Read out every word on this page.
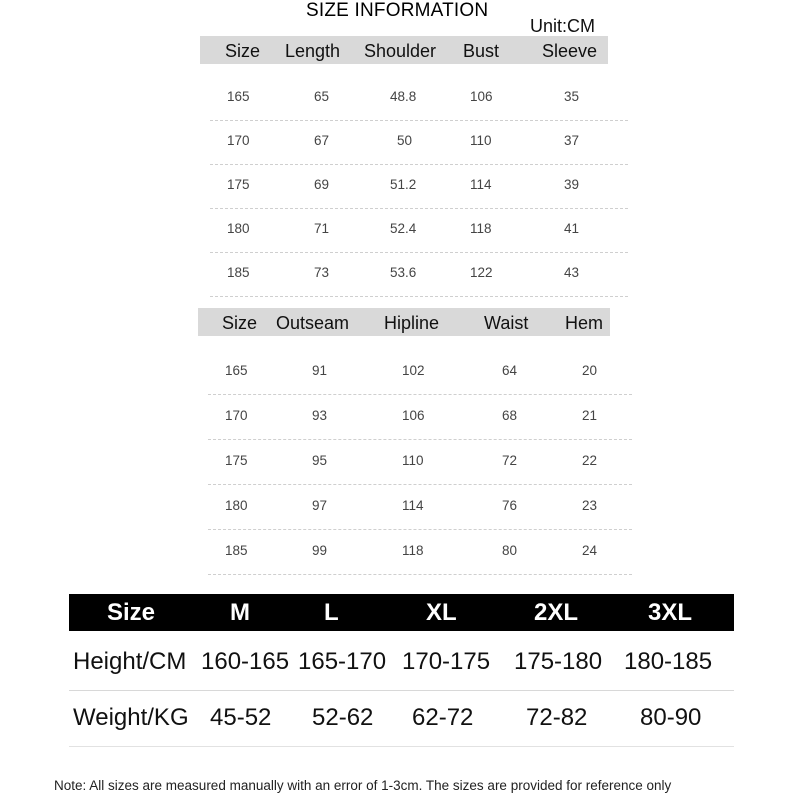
SIZE INFORMATION
Unit:CM
Size Length Shoulder Bust Sleeve
165	65	48.8	106	35
170	67	50	110	37
175	69	51.2	114	39
180	71	52.4	118	41
185	73	53.6	122	43
Size Outseam Hipline Waist Hem
165	91	102	64	20
170	93	106	68	21
175	95	110	72	22
180	97	114	76	23
185	99	118	80	24
Size	M	L	XL	2XL	3XL
Height/CM 160-165 165-170 170-175 175-180 180-185
Weight/KG 45-52 52-62 62-72 72-82 80-90
Note: All sizes are measured manually with an error of 1-3cm. The sizes are provided for reference only
